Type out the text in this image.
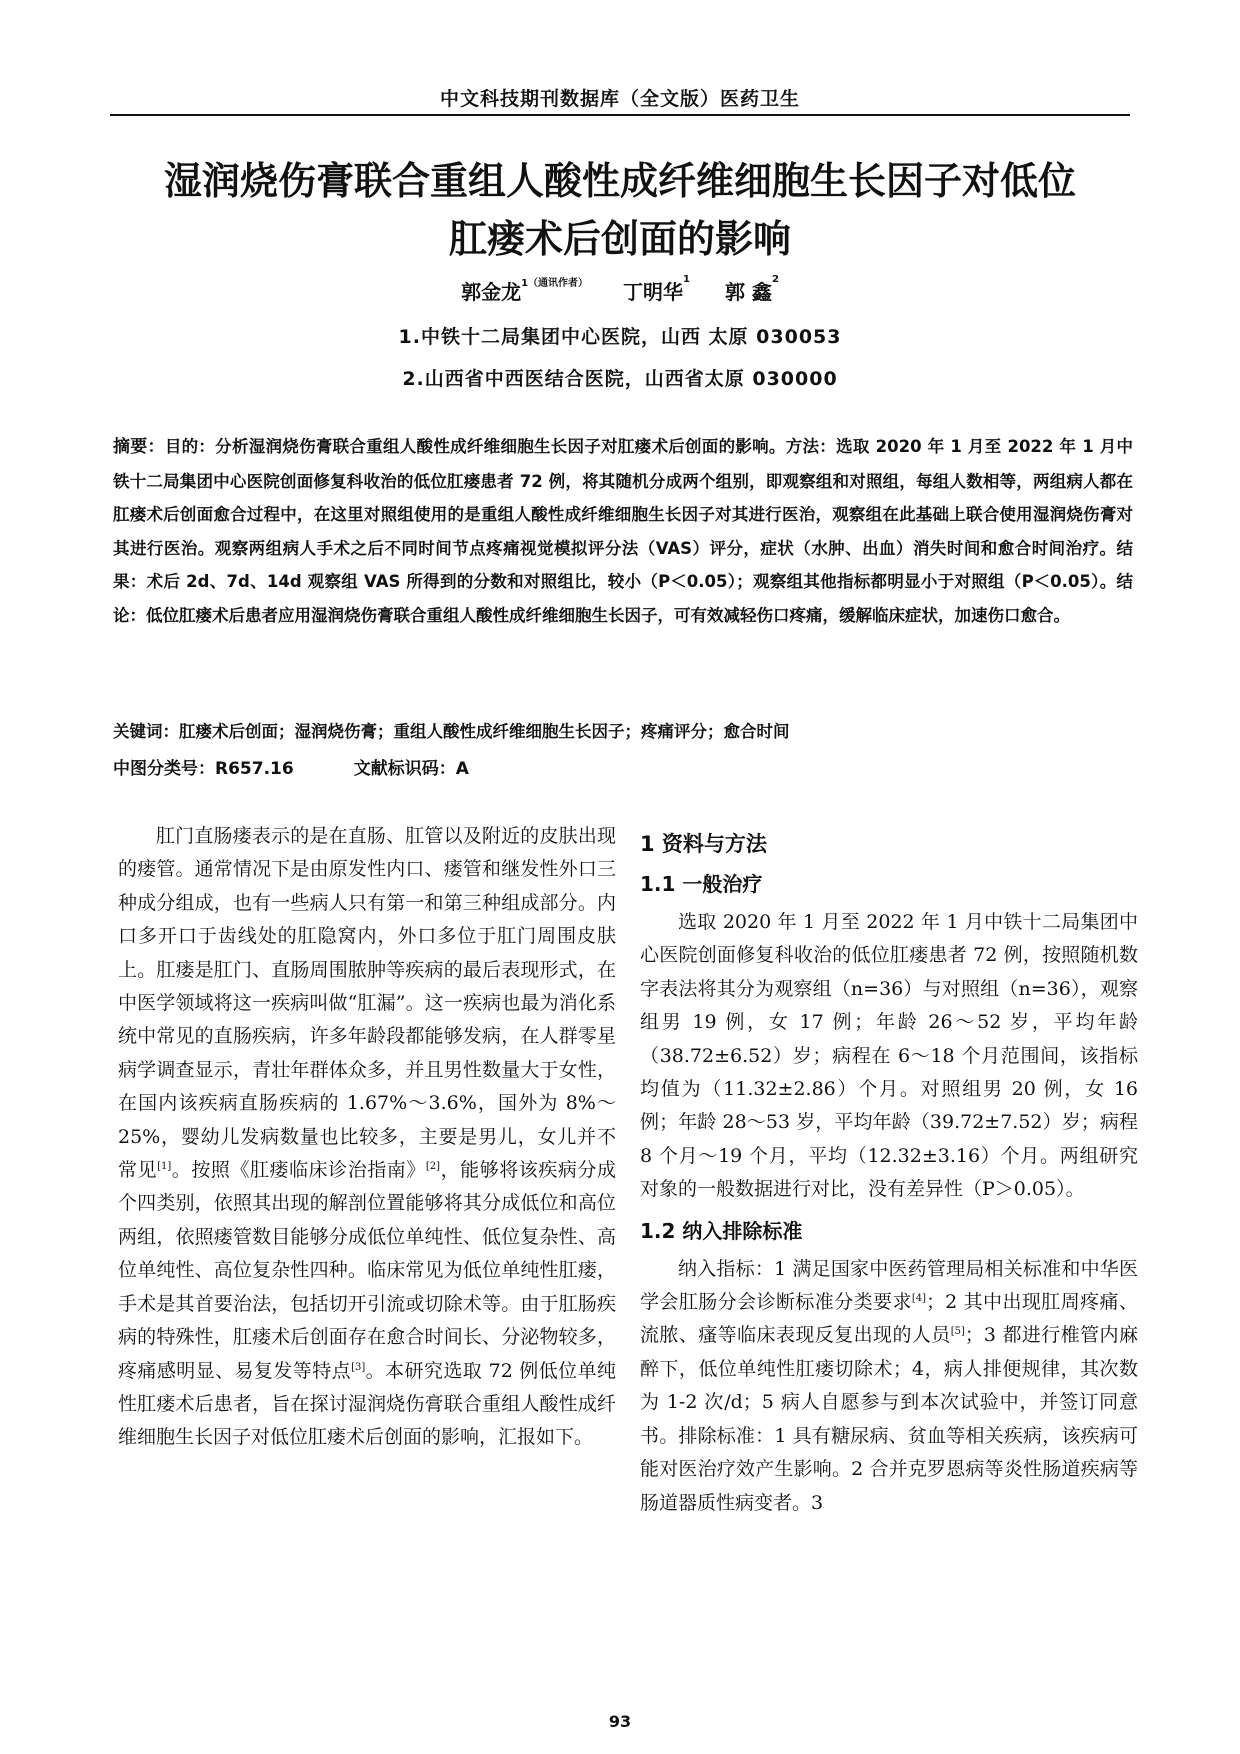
中文科技期刊数据库（全文版）医药卫生
湿润烧伤膏联合重组人酸性成纤维细胞生长因子对低位
肛瘘术后创面的影响
郭金龙$^{1(通讯作者)}$ 丁明华$^1$ 郭 鑫$^2$
1.中铁十二局集团中心医院，山西 太原 030053
2.山西省中西医结合医院，山西省太原 030000
摘要：目的：分析湿润烧伤膏联合重组人酸性成纤维细胞生长因子对肛瘘术后创面的影响。方法：选取 2020 年 1 月至 2022 年 1 月中铁十二局集团中心医院创面修复科收治的低位肛瘘患者 72 例，将其随机分成两个组别，即观察组和对照组，每组人数相等，两组病人都在肛瘘术后创面愈合过程中，在这里对照组使用的是重组人酸性成纤维细胞生长因子对其进行医治，观察组在此基础上联合使用湿润烧伤膏对其进行医治。观察两组病人手术之后不同时间节点疼痛视觉模拟评分法（VAS）评分，症状（水肿、出血）消失时间和愈合时间治疗。结果：术后 2d、7d、14d 观察组 VAS 所得到的分数和对照组比，较小（P＜0.05）；观察组其他指标都明显小于对照组（P＜0.05）。结论：低位肛瘘术后患者应用湿润烧伤膏联合重组人酸性成纤维细胞生长因子，可有效减轻伤口疼痛，缓解临床症状，加速伤口愈合。
关键词：肛瘘术后创面；湿润烧伤膏；重组人酸性成纤维细胞生长因子；疼痛评分；愈合时间
中图分类号：R657.16	文献标识码：A

肛门直肠瘘表示的是在直肠、肛管以及附近的皮肤出现的瘘管。通常情况下是由原发性内口、瘘管和继发性外口三种成分组成，也有一些病人只有第一和第三种组成部分。内口多开口于齿线处的肛隐窝内，外口多位于肛门周围皮肤上。肛瘘是肛门、直肠周围脓肿等疾病的最后表现形式，在中医学领域将这一疾病叫做“肛漏”。这一疾病也最为消化系统中常见的直肠疾病，许多年龄段都能够发病，在人群零星病学调查显示，青壮年群体众多，并且男性数量大于女性，在国内该疾病直肠疾病的 1.67%～3.6%，国外为 8%～25%，婴幼儿发病数量也比较多，主要是男儿，女儿并不常见[1]。按照《肛瘘临床诊治指南》[2]，能够将该疾病分成个四类别，依照其出现的解剖位置能够将其分成低位和高位两组，依照瘘管数目能够分成低位单纯性、低位复杂性、高位单纯性、高位复杂性四种。临床常见为低位单纯性肛瘘，手术是其首要治法，包括切开引流或切除术等。由于肛肠疾病的特殊性，肛瘘术后创面存在愈合时间长、分泌物较多，疼痛感明显、易复发等特点[3]。本研究选取 72 例低位单纯性肛瘘术后患者，旨在探讨湿润烧伤膏联合重组人酸性成纤维细胞生长因子对低位肛瘘术后创面的影响，汇报如下。

1 资料与方法
1.1 一般治疗

选取 2020 年 1 月至 2022 年 1 月中铁十二局集团中心医院创面修复科收治的低位肛瘘患者 72 例，按照随机数字表法将其分为观察组（n=36）与对照组（n=36），观察组男 19 例，女 17 例；年龄 26～52 岁，平均年龄（38.72±6.52）岁；病程在 6～18 个月范围间，该指标均值为（11.32±2.86）个月。对照组男 20 例，女 16 例；年龄 28～53 岁，平均年龄（39.72±7.52）岁；病程 8 个月～19 个月，平均（12.32±3.16）个月。两组研究对象的一般数据进行对比，没有差异性（P＞0.05）。

1.2 纳入排除标准

纳入指标：1 满足国家中医药管理局相关标准和中华医学会肛肠分会诊断标准分类要求[4]；2 其中出现肛周疼痛、流脓、瘙等临床表现反复出现的人员[5]；3 都进行椎管内麻醉下，低位单纯性肛瘘切除术；4，病人排便规律，其次数为 1-2 次/d；5 病人自愿参与到本次试验中，并签订同意书。排除标准：1 具有糖尿病、贫血等相关疾病，该疾病可能对医治疗效产生影响。2 合并克罗恩病等炎性肠道疾病等肠道器质性病变者。3

93
